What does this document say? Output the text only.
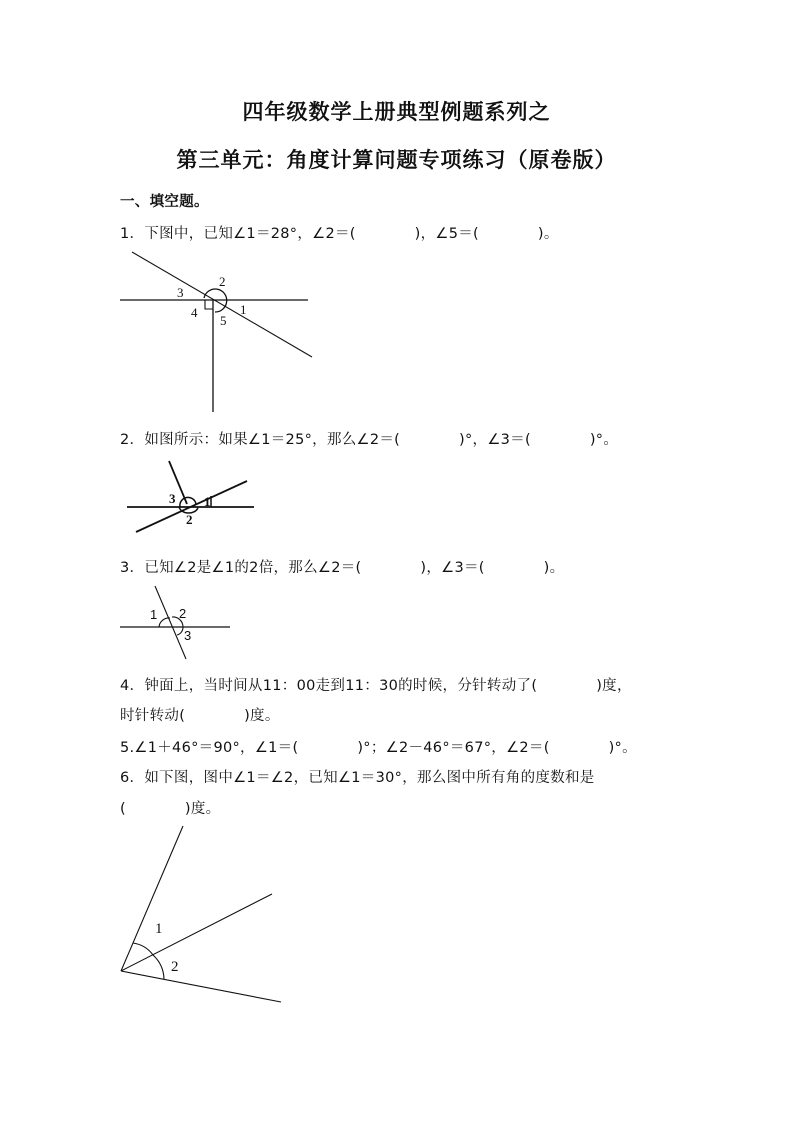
四年级数学上册典型例题系列之
第三单元：角度计算问题专项练习（原卷版）
一、填空题。
1．下图中，已知∠1＝28°，∠2＝(            )，∠5＝(            )。
2
3
4
5
1
2．如图所示：如果∠1＝25°，那么∠2＝(            )°，∠3＝(            )°。
3
2
1
3．已知∠2是∠1的2倍，那么∠2＝(            )，∠3＝(            )。
1 2
3
4．钟面上，当时间从11：00走到11：30的时候，分针转动了(            )度，
时针转动(            )度。
5.∠1＋46°＝90°，∠1＝(            )°；∠2－46°＝67°，∠2＝(            )°。
6．如下图，图中∠1＝∠2，已知∠1＝30°，那么图中所有角的度数和是
(            )度。
1
2
